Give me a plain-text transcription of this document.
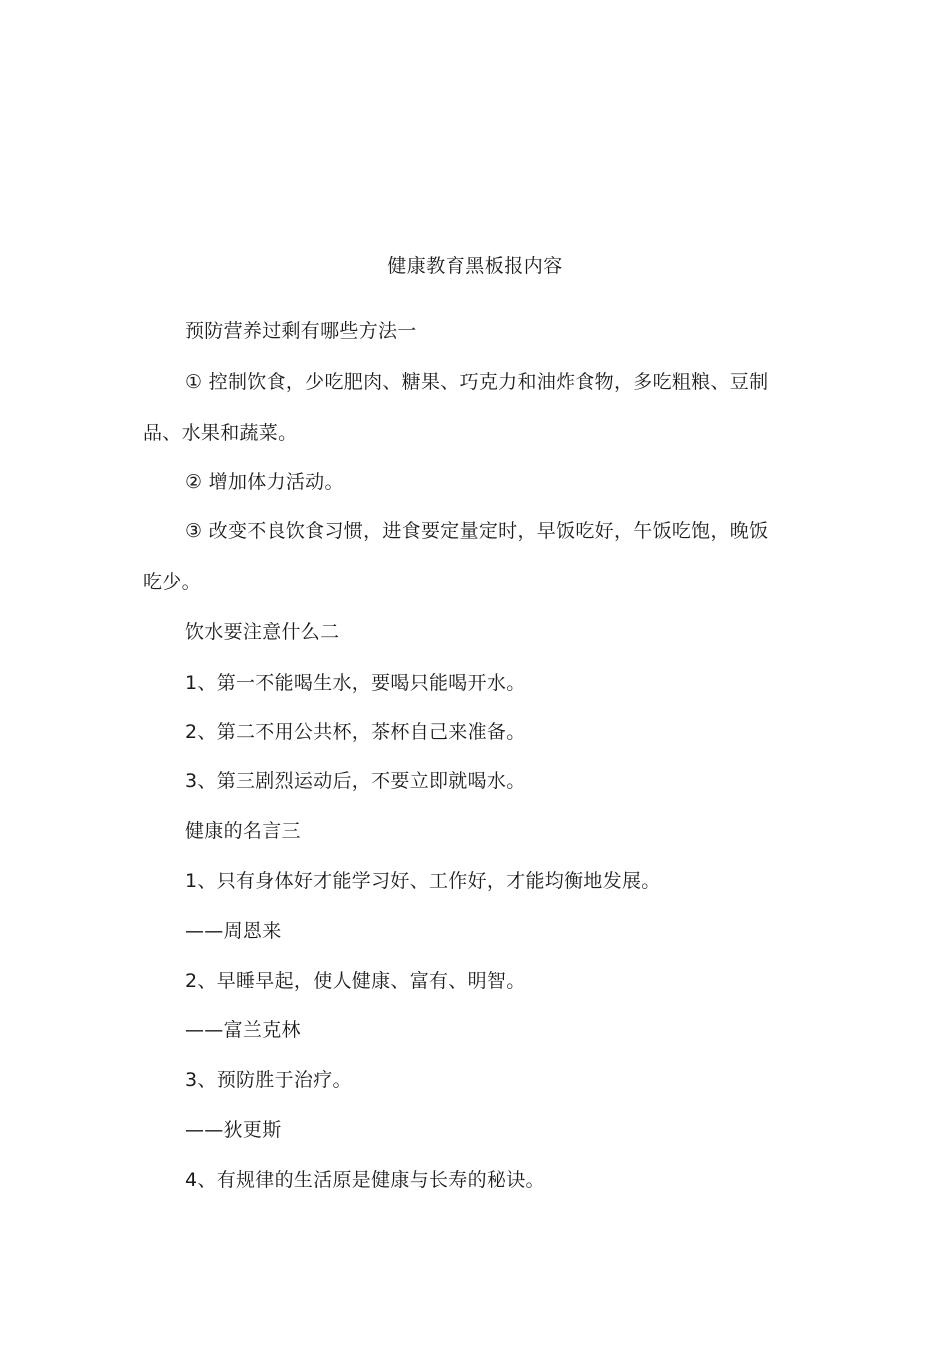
健康教育黑板报内容
预防营养过剩有哪些方法一
① 控制饮食，少吃肥肉、糖果、巧克力和油炸食物，多吃粗粮、豆制
品、水果和蔬菜。
② 增加体力活动。
③ 改变不良饮食习惯，进食要定量定时，早饭吃好，午饭吃饱，晚饭
吃少。
饮水要注意什么二
1、第一不能喝生水，要喝只能喝开水。
2、第二不用公共杯，茶杯自己来准备。
3、第三剧烈运动后，不要立即就喝水。
健康的名言三
1、只有身体好才能学习好、工作好，才能均衡地发展。
——周恩来
2、早睡早起，使人健康、富有、明智。
——富兰克林
3、预防胜于治疗。
——狄更斯
4、有规律的生活原是健康与长寿的秘诀。
